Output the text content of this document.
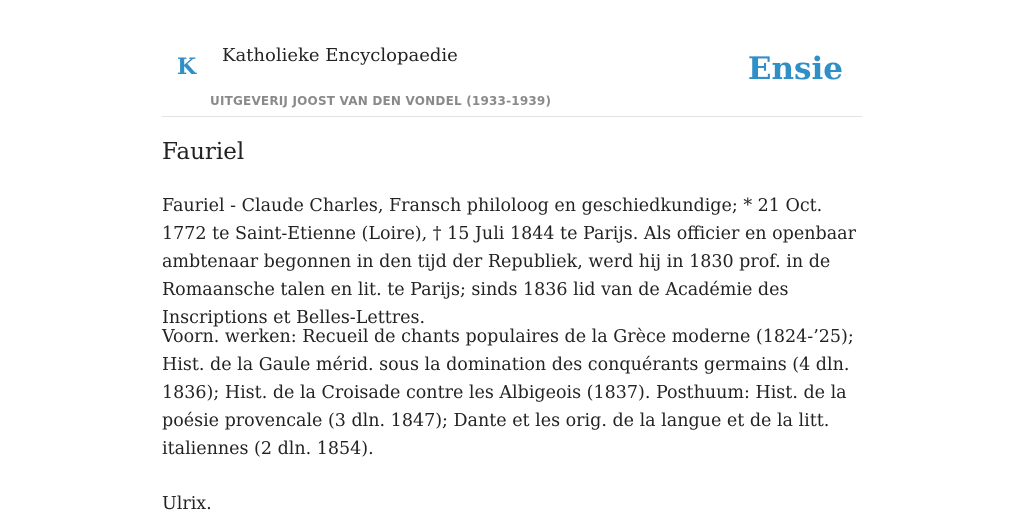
K Katholieke Encyclopaedie
UITGEVERIJ JOOST VAN DEN VONDEL (1933-1939)
Ensie
Fauriel

Fauriel - Claude Charles, Fransch philoloog en geschiedkundige; * 21 Oct. 1772 te Saint-Etienne (Loire), † 15 Juli 1844 te Parijs. Als officier en openbaar ambtenaar begonnen in den tijd der Republiek, werd hij in 1830 prof. in de Romaansche talen en lit. te Parijs; sinds 1836 lid van de Académie des Inscriptions et Belles-Lettres.

Voorn. werken: Recueil de chants populaires de la Grèce moderne (1824-’25); Hist. de la Gaule mérid. sous la domination des conquérants germains (4 dln. 1836); Hist. de la Croisade contre les Albigeois (1837). Posthuum: Hist. de la poésie provencale (3 dln. 1847); Dante et les orig. de la langue et de la litt. italiennes (2 dln. 1854).

Ulrix.
